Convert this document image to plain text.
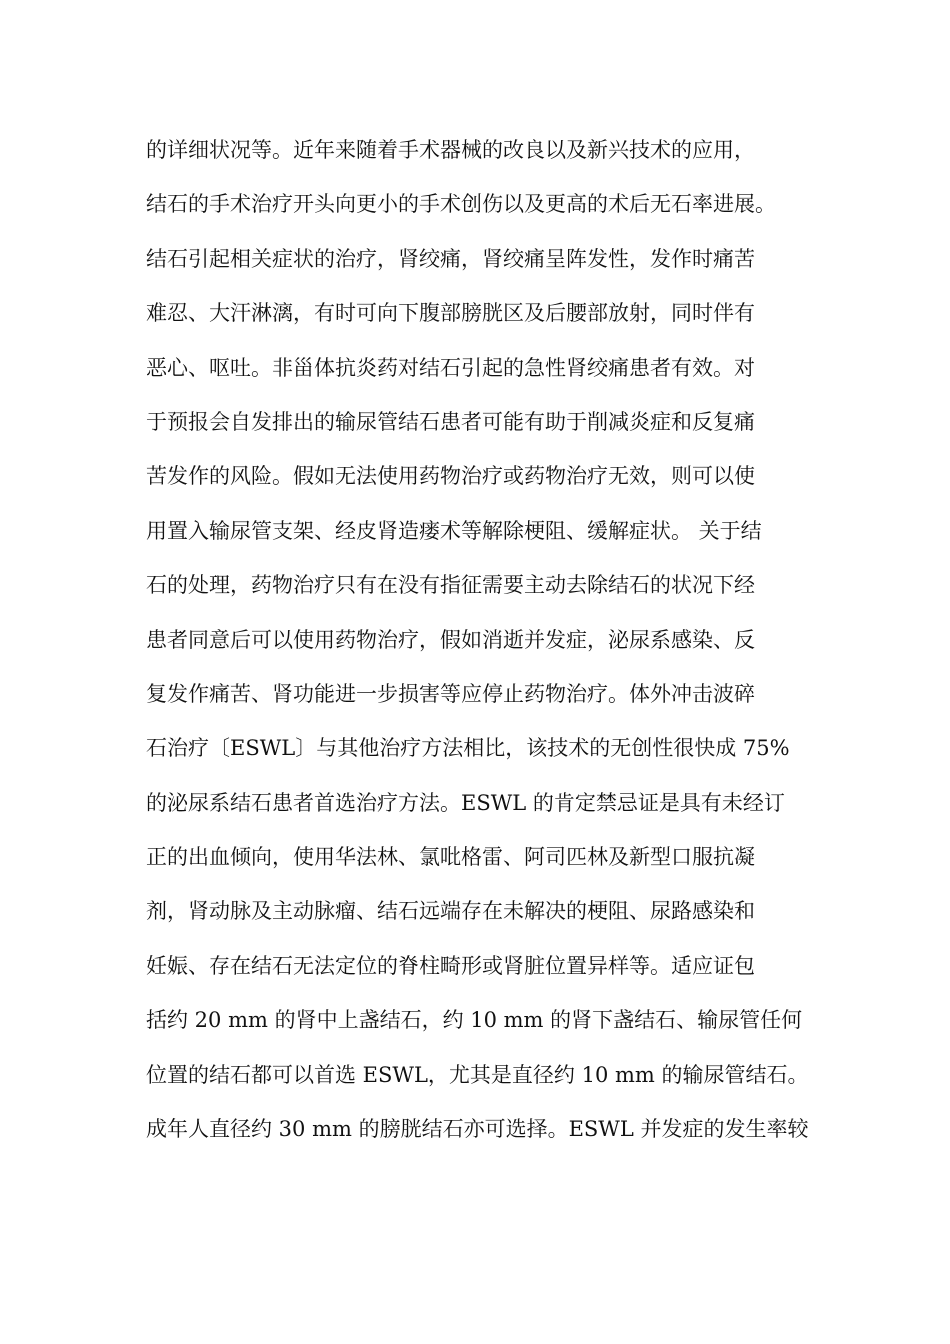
的详细状况等。近年来随着手术器械的改良以及新兴技术的应用，
结石的手术治疗开头向更小的手术创伤以及更高的术后无石率进展。
结石引起相关症状的治疗，肾绞痛，肾绞痛呈阵发性，发作时痛苦
难忍、大汗淋漓，有时可向下腹部膀胱区及后腰部放射，同时伴有
恶心、呕吐。非甾体抗炎药对结石引起的急性肾绞痛患者有效。对
于预报会自发排出的输尿管结石患者可能有助于削减炎症和反复痛
苦发作的风险。假如无法使用药物治疗或药物治疗无效，则可以使
用置入输尿管支架、经皮肾造瘘术等解除梗阻、缓解症状。 关于结
石的处理，药物治疗只有在没有指征需要主动去除结石的状况下经
患者同意后可以使用药物治疗，假如消逝并发症，泌尿系感染、反
复发作痛苦、肾功能进一步损害等应停止药物治疗。体外冲击波碎
石治疗〔ESWL〕与其他治疗方法相比，该技术的无创性很快成 75%
的泌尿系结石患者首选治疗方法。ESWL 的肯定禁忌证是具有未经订
正的出血倾向，使用华法林、氯吡格雷、阿司匹林及新型口服抗凝
剂，肾动脉及主动脉瘤、结石远端存在未解决的梗阻、尿路感染和
妊娠、存在结石无法定位的脊柱畸形或肾脏位置异样等。适应证包
括约 20 mm 的肾中上盏结石，约 10 mm 的肾下盏结石、输尿管任何
位置的结石都可以首选 ESWL，尤其是直径约 10 mm 的输尿管结石。
成年人直径约 30 mm 的膀胱结石亦可选择。ESWL 并发症的发生率较
